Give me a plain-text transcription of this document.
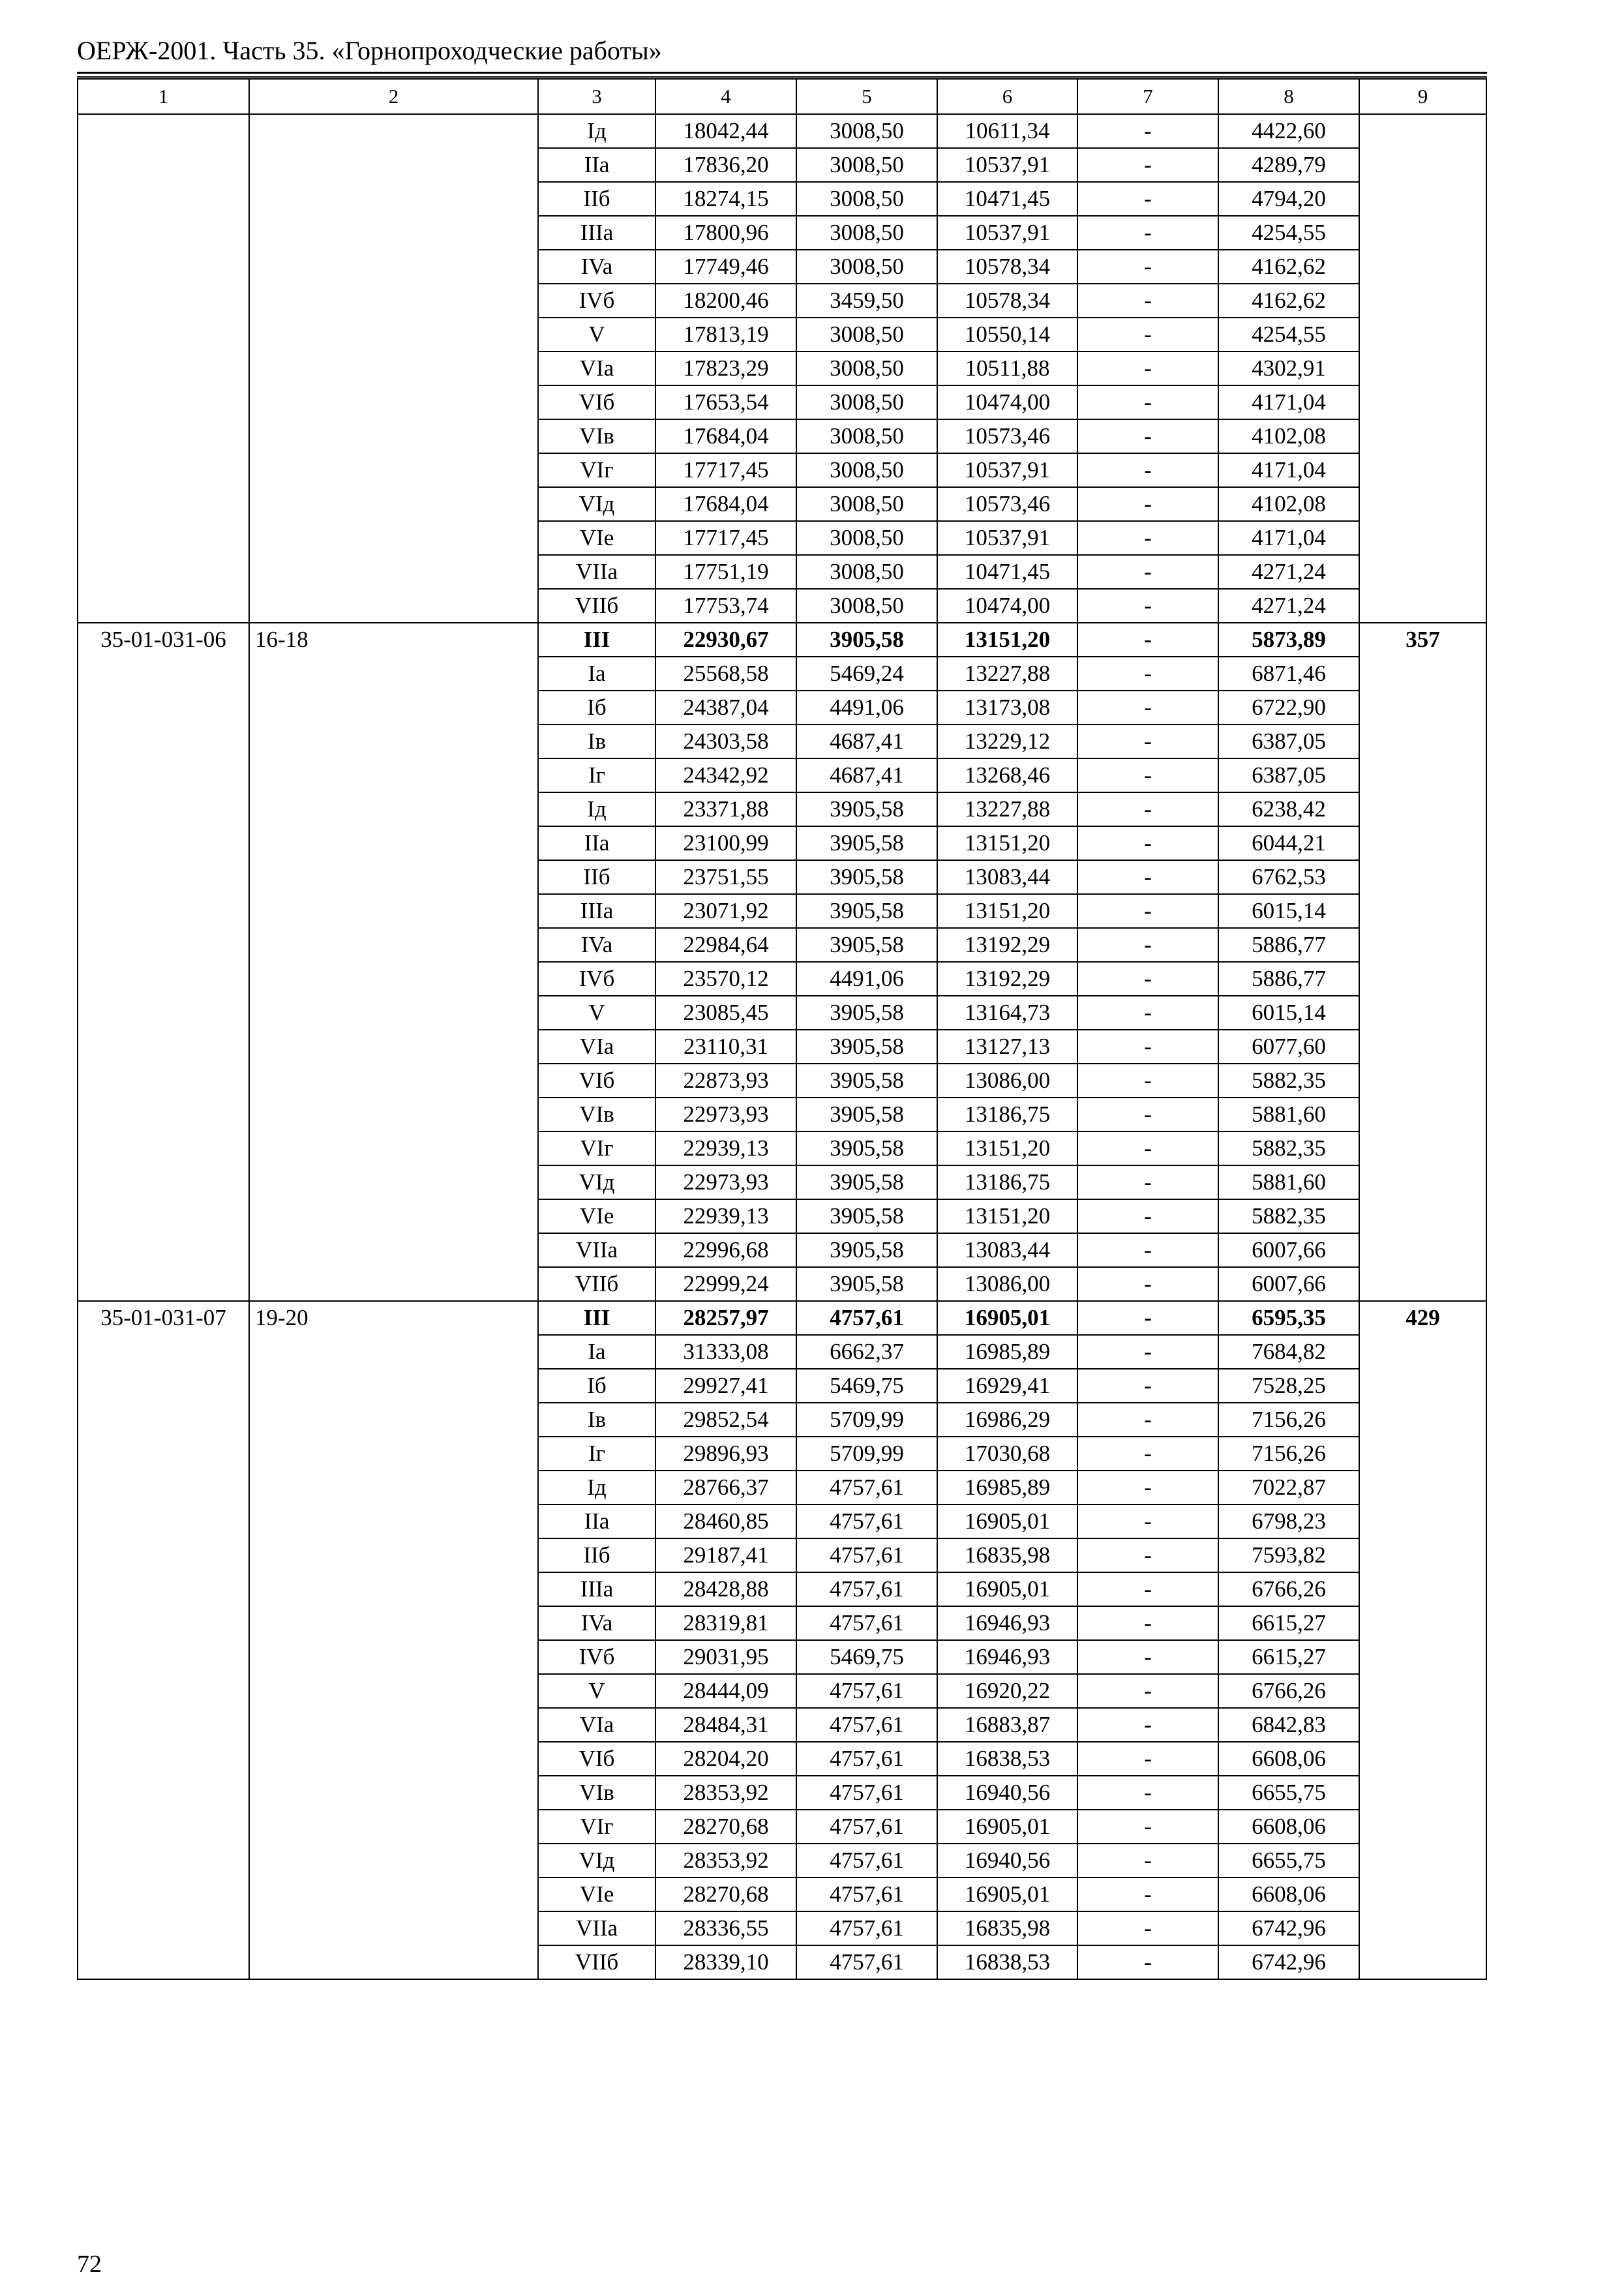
ОЕРЖ-2001. Часть 35. «Горнопроходческие работы»
1	2	3	4	5	6	7	8	9
		Iд	18042,44	3008,50	10611,34	-	4422,60	
		IIa	17836,20	3008,50	10537,91	-	4289,79	
		IIб	18274,15	3008,50	10471,45	-	4794,20	
		IIIa	17800,96	3008,50	10537,91	-	4254,55	
		IVa	17749,46	3008,50	10578,34	-	4162,62	
		IVб	18200,46	3459,50	10578,34	-	4162,62	
		V	17813,19	3008,50	10550,14	-	4254,55	
		VIa	17823,29	3008,50	10511,88	-	4302,91	
		VIб	17653,54	3008,50	10474,00	-	4171,04	
		VIв	17684,04	3008,50	10573,46	-	4102,08	
		VIг	17717,45	3008,50	10537,91	-	4171,04	
		VIд	17684,04	3008,50	10573,46	-	4102,08	
		VIe	17717,45	3008,50	10537,91	-	4171,04	
		VIIa	17751,19	3008,50	10471,45	-	4271,24	
		VIIб	17753,74	3008,50	10474,00	-	4271,24	
35-01-031-06	16-18	III	22930,67	3905,58	13151,20	-	5873,89	357
		Ia	25568,58	5469,24	13227,88	-	6871,46	
		Iб	24387,04	4491,06	13173,08	-	6722,90	
		Iв	24303,58	4687,41	13229,12	-	6387,05	
		Iг	24342,92	4687,41	13268,46	-	6387,05	
		Iд	23371,88	3905,58	13227,88	-	6238,42	
		IIa	23100,99	3905,58	13151,20	-	6044,21	
		IIб	23751,55	3905,58	13083,44	-	6762,53	
		IIIa	23071,92	3905,58	13151,20	-	6015,14	
		IVa	22984,64	3905,58	13192,29	-	5886,77	
		IVб	23570,12	4491,06	13192,29	-	5886,77	
		V	23085,45	3905,58	13164,73	-	6015,14	
		VIa	23110,31	3905,58	13127,13	-	6077,60	
		VIб	22873,93	3905,58	13086,00	-	5882,35	
		VIв	22973,93	3905,58	13186,75	-	5881,60	
		VIг	22939,13	3905,58	13151,20	-	5882,35	
		VIд	22973,93	3905,58	13186,75	-	5881,60	
		VIe	22939,13	3905,58	13151,20	-	5882,35	
		VIIa	22996,68	3905,58	13083,44	-	6007,66	
		VIIб	22999,24	3905,58	13086,00	-	6007,66	
35-01-031-07	19-20	III	28257,97	4757,61	16905,01	-	6595,35	429
		Ia	31333,08	6662,37	16985,89	-	7684,82	
		Iб	29927,41	5469,75	16929,41	-	7528,25	
		Iв	29852,54	5709,99	16986,29	-	7156,26	
		Iг	29896,93	5709,99	17030,68	-	7156,26	
		Iд	28766,37	4757,61	16985,89	-	7022,87	
		IIa	28460,85	4757,61	16905,01	-	6798,23	
		IIб	29187,41	4757,61	16835,98	-	7593,82	
		IIIa	28428,88	4757,61	16905,01	-	6766,26	
		IVa	28319,81	4757,61	16946,93	-	6615,27	
		IVб	29031,95	5469,75	16946,93	-	6615,27	
		V	28444,09	4757,61	16920,22	-	6766,26	
		VIa	28484,31	4757,61	16883,87	-	6842,83	
		VIб	28204,20	4757,61	16838,53	-	6608,06	
		VIв	28353,92	4757,61	16940,56	-	6655,75	
		VIг	28270,68	4757,61	16905,01	-	6608,06	
		VIд	28353,92	4757,61	16940,56	-	6655,75	
		VIe	28270,68	4757,61	16905,01	-	6608,06	
		VIIa	28336,55	4757,61	16835,98	-	6742,96	
		VIIб	28339,10	4757,61	16838,53	-	6742,96	
72
